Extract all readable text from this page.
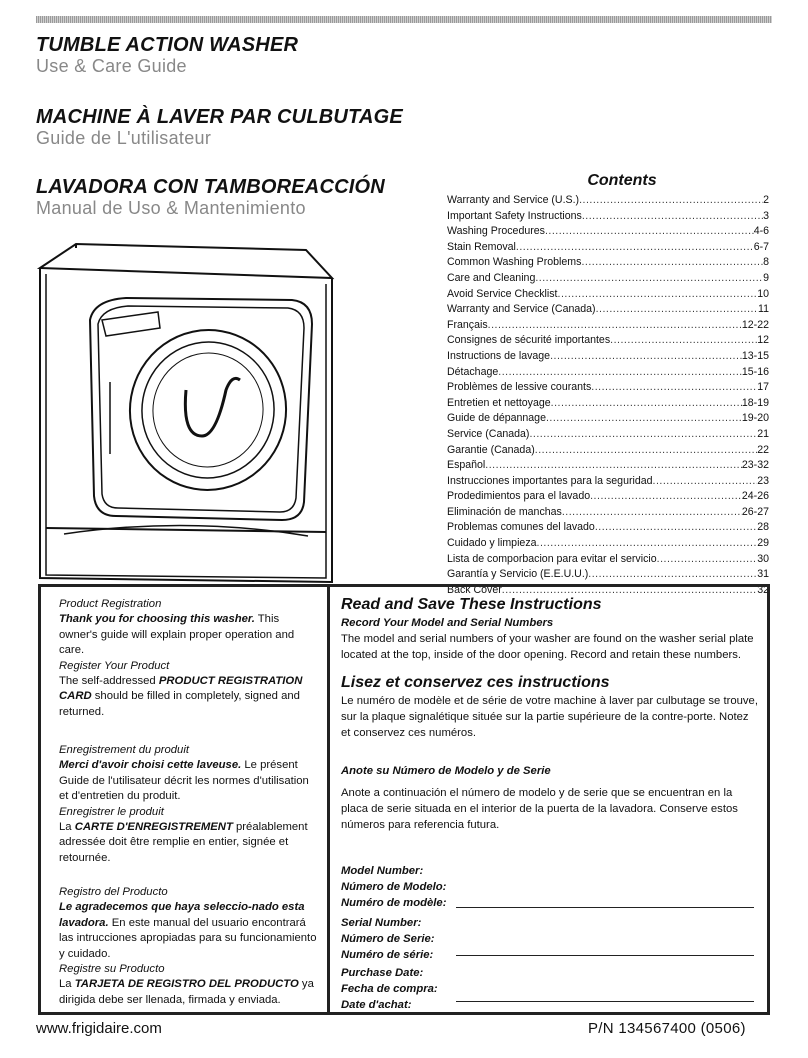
TUMBLE ACTION WASHER
Use & Care Guide
MACHINE À LAVER PAR CULBUTAGE
Guide de L'utilisateur
LAVADORA CON TAMBOREACCIÓN
Manual de Uso & Mantenimiento
Contents
Warranty and Service (U.S.) .....	2
Important Safety Instructions .....	3
Washing Procedures .....	4-6
Stain Removal .....	6-7
Common Washing Problems .....	8
Care and Cleaning .....	9
Avoid Service Checklist .....	10
Warranty and Service (Canada) .....	11
Français .....	12-22
Consignes de sécurité importantes .....	12
Instructions de lavage .....	13-15
Détachage .....	15-16
Problèmes de lessive courants .....	17
Entretien et nettoyage .....	18-19
Guide de dépannage .....	19-20
Service (Canada) .....	21
Garantie (Canada) .....	22
Español .....	23-32
Instrucciones importantes para la seguridad .....	23
Prodedimientos para el lavado .....	24-26
Eliminación de manchas .....	26-27
Problemas comunes del lavado .....	28
Cuidado y limpieza .....	29
Lista de comporbacion para evitar el servicio .....	30
Garantía y Servicio (E.E.U.U.) .....	31
Back Cover .....	32

Product Registration

Thank you for choosing this washer. This owner's guide will explain proper operation and care.

Register Your Product

The self-addressed PRODUCT REGISTRATION CARD should be filled in completely, signed and returned.

Enregistrement du produit

Merci d'avoir choisi cette laveuse. Le présent Guide de l'utilisateur décrit les normes d'utilisation et d'entretien du produit.

Enregistrer le produit

La CARTE D'ENREGISTREMENT préalablement adressée doit être remplie en entier, signée et retournée.

Registro del Producto

Le agradecemos que haya seleccio-nado esta lavadora. En este manual del usuario encontrará las intrucciones apropiadas para su funcionamiento y cuidado.

Registre su Producto

La TARJETA DE REGISTRO DEL PRODUCTO ya dirigida debe ser llenada, firmada y enviada.

Read and Save These Instructions
Record Your Model and Serial Numbers
The model and serial numbers of your washer are found on the washer serial plate located at the top, inside of the door opening. Record and retain these numbers.
Lisez et conservez ces instructions
Le numéro de modèle et de série de votre machine à laver par culbutage se trouve, sur la plaque signalétique située sur la partie supérieure de la contre-porte. Notez et conservez ces numéros.
Anote su Número de Modelo y de Serie
Anote a continuación el número de modelo y de serie que se encuentran en la placa de serie situada en el interior de la puerta de la lavadora. Conserve estos números para referencia futura.
Model Number:
Número de Modelo:
Numéro de modèle:
Serial Number:
Número de Serie:
Numéro de série:
Purchase Date:
Fecha de compra:
Date d'achat:
www.frigidaire.com	P/N 134567400 (0506)
